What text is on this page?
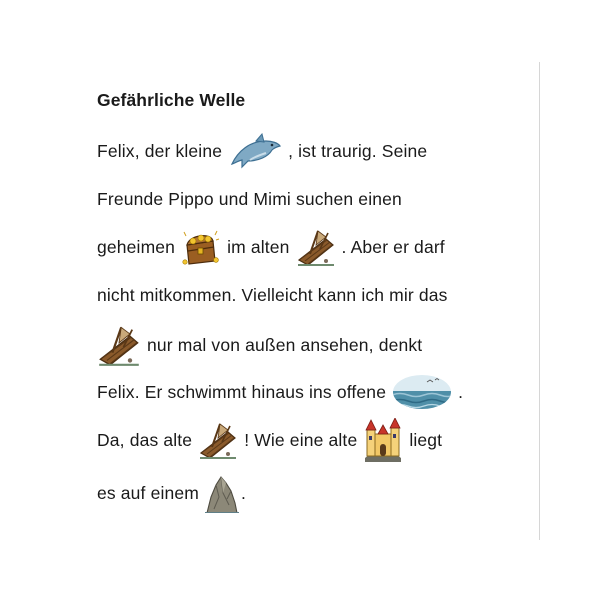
Gefährliche Welle
Felix, der kleine	, ist traurig. Seine
Freunde Pippo und Mimi suchen einen
geheimen	im alten	. Aber er darf
nicht mitkommen. Vielleicht kann ich mir das
nur mal von außen ansehen, denkt
Felix. Er schwimmt hinaus ins offene	.
Da, das alte	! Wie eine alte	liegt
es auf einem .
